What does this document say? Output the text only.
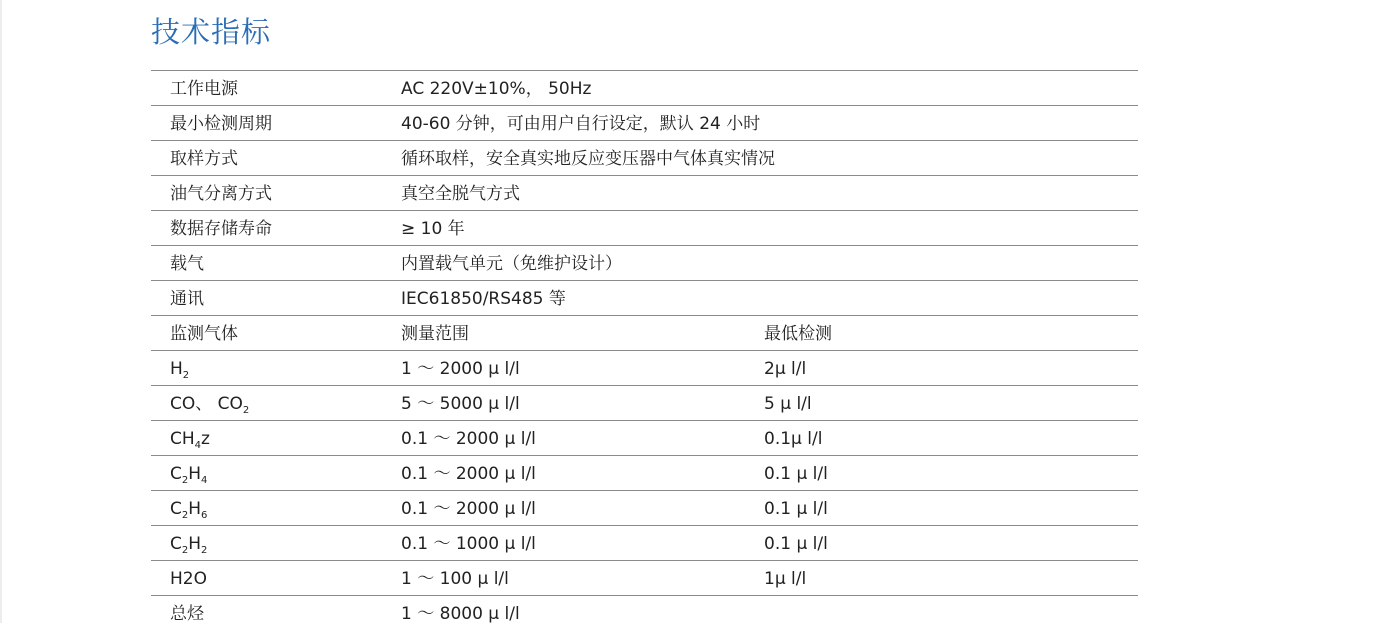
技术指标
工作电源	AC 220V±10%， 50Hz
最小检测周期	40-60 分钟，可由用户自行设定，默认 24 小时
取样方式	循环取样，安全真实地反应变压器中气体真实情况
油气分离方式	真空全脱气方式
数据存储寿命	≥ 10 年
载气	内置载气单元（免维护设计）
通讯	IEC61850/RS485 等
监测气体	测量范围	最低检测
$H_2$	1 ～ 2000 μ l/l	2μ l/l
CO、 $CO_2$	5 ～ 5000 μ l/l	5 μ l/l
$CH_4z$	0.1 ～ 2000 μ l/l	0.1μ l/l
$C_2H_4$	0.1 ～ 2000 μ l/l	0.1 μ l/l
$C_2H_6$	0.1 ～ 2000 μ l/l	0.1 μ l/l
$C_2H_2$	0.1 ～ 1000 μ l/l	0.1 μ l/l
H2O	1 ～ 100 μ l/l	1μ l/l
总烃	1 ～ 8000 μ l/l
